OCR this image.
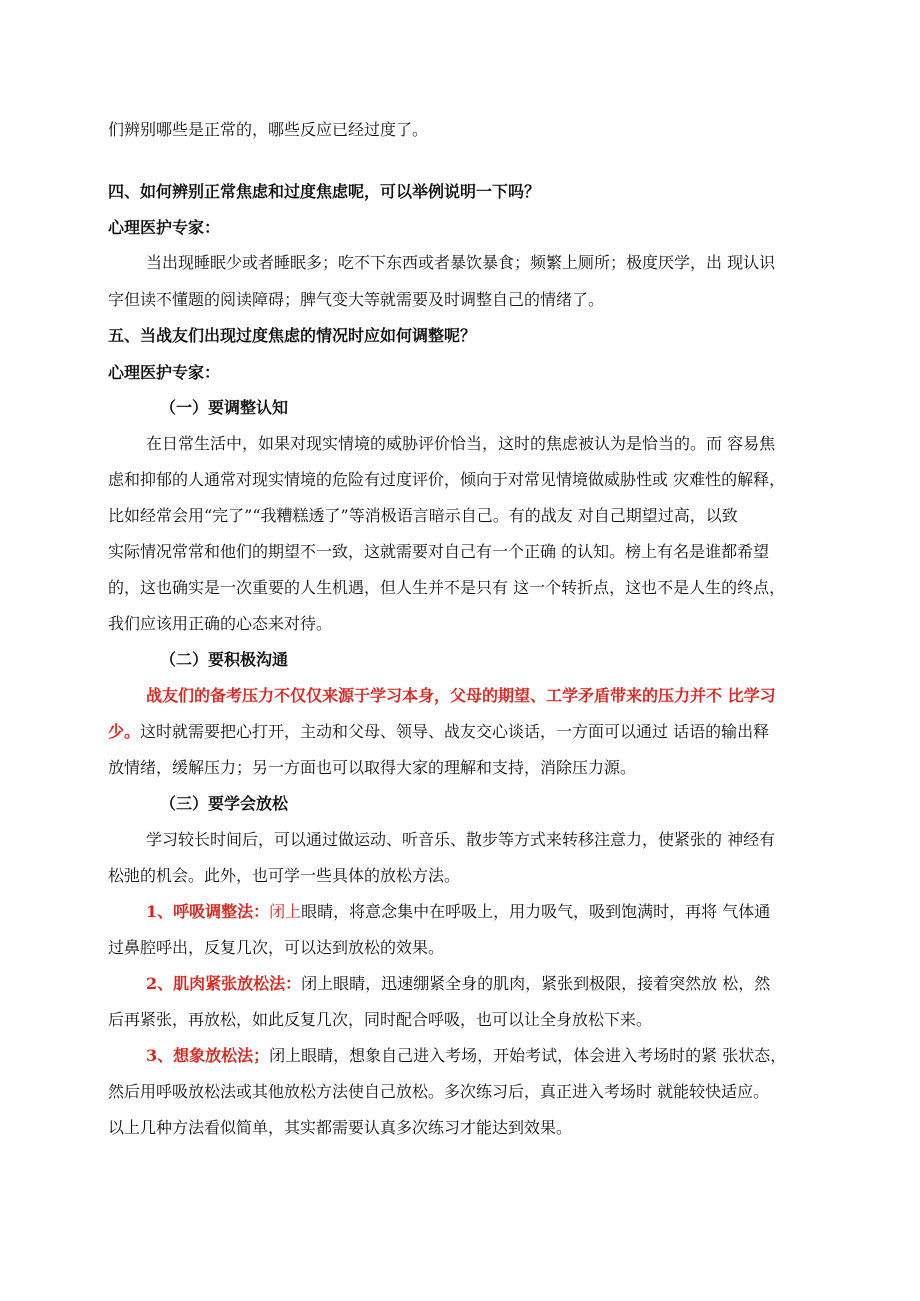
们辨别哪些是正常的，哪些反应已经过度了。
四、如何辨别正常焦虑和过度焦虑呢，可以举例说明一下吗？
心理医护专家：
当出现睡眠少或者睡眠多；吃不下东西或者暴饮暴食；频繁上厕所；极度厌学，出 现认识
字但读不懂题的阅读障碍；脾气变大等就需要及时调整自己的情绪了。
五、当战友们出现过度焦虑的情况时应如何调整呢？
心理医护专家：
（一）要调整认知
在日常生活中，如果对现实情境的威胁评价恰当，这时的焦虑被认为是恰当的。而 容易焦
虑和抑郁的人通常对现实情境的危险有过度评价，倾向于对常见情境做威胁性或 灾难性的解释，
比如经常会用“完了”“我糟糕透了”等消极语言暗示自己。有的战友 对自己期望过高，以致
实际情况常常和他们的期望不一致，这就需要对自己有一个正确 的认知。榜上有名是谁都希望
的，这也确实是一次重要的人生机遇，但人生并不是只有 这一个转折点，这也不是人生的终点，
我们应该用正确的心态来对待。
（二）要积极沟通
战友们的备考压力不仅仅来源于学习本身，父母的期望、工学矛盾带来的压力并不 比学习
少。这时就需要把心打开，主动和父母、领导、战友交心谈话，一方面可以通过 话语的输出释
放情绪，缓解压力；另一方面也可以取得大家的理解和支持，消除压力源。
（三）要学会放松
学习较长时间后，可以通过做运动、听音乐、散步等方式来转移注意力，使紧张的 神经有
松弛的机会。此外，也可学一些具体的放松方法。
1、呼吸调整法：闭上眼睛，将意念集中在呼吸上，用力吸气，吸到饱满时，再将 气体通
过鼻腔呼出，反复几次，可以达到放松的效果。
2、肌肉紧张放松法：闭上眼睛，迅速绷紧全身的肌肉，紧张到极限，接着突然放 松，然
后再紧张，再放松，如此反复几次，同时配合呼吸，也可以让全身放松下来。
3、想象放松法；闭上眼睛，想象自己进入考场，开始考试，体会进入考场时的紧 张状态，
然后用呼吸放松法或其他放松方法使自己放松。多次练习后，真正进入考场时 就能较快适应。
以上几种方法看似简单，其实都需要认真多次练习才能达到效果。
